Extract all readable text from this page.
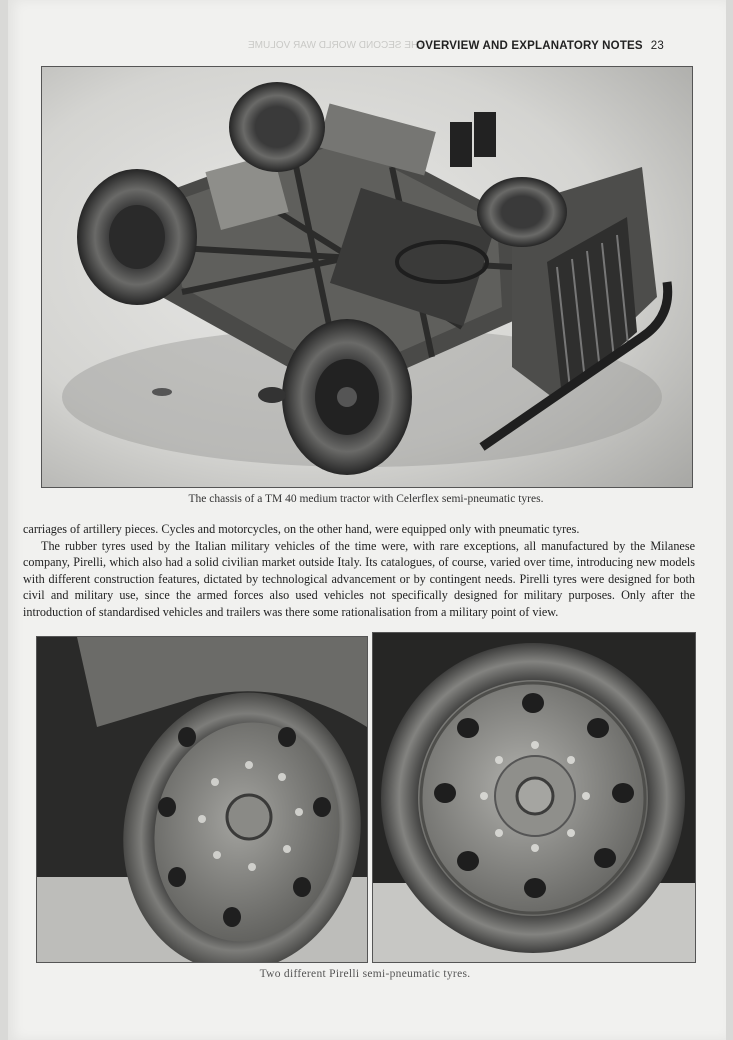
THE SECOND WORLD WAR VOLUME
OVERVIEW AND EXPLANATORY NOTES 23
The chassis of a TM 40 medium tractor with Celerflex semi-pneumatic tyres.

carriages of artillery pieces. Cycles and motorcycles, on the other hand, were equipped only with pneumatic tyres.

The rubber tyres used by the Italian military vehicles of the time were, with rare exceptions, all manufactured by the Milanese company, Pirelli, which also had a solid civilian market outside Italy. Its catalogues, of course, varied over time, introducing new models with different construction features, dictated by technological advancement or by contingent needs. Pirelli tyres were designed for both civil and military use, since the armed forces also used vehicles not specifically designed for military purposes. Only after the introduction of standardised vehicles and trailers was there some rationalisation from a military point of view.

Two different Pirelli semi-pneumatic tyres.
